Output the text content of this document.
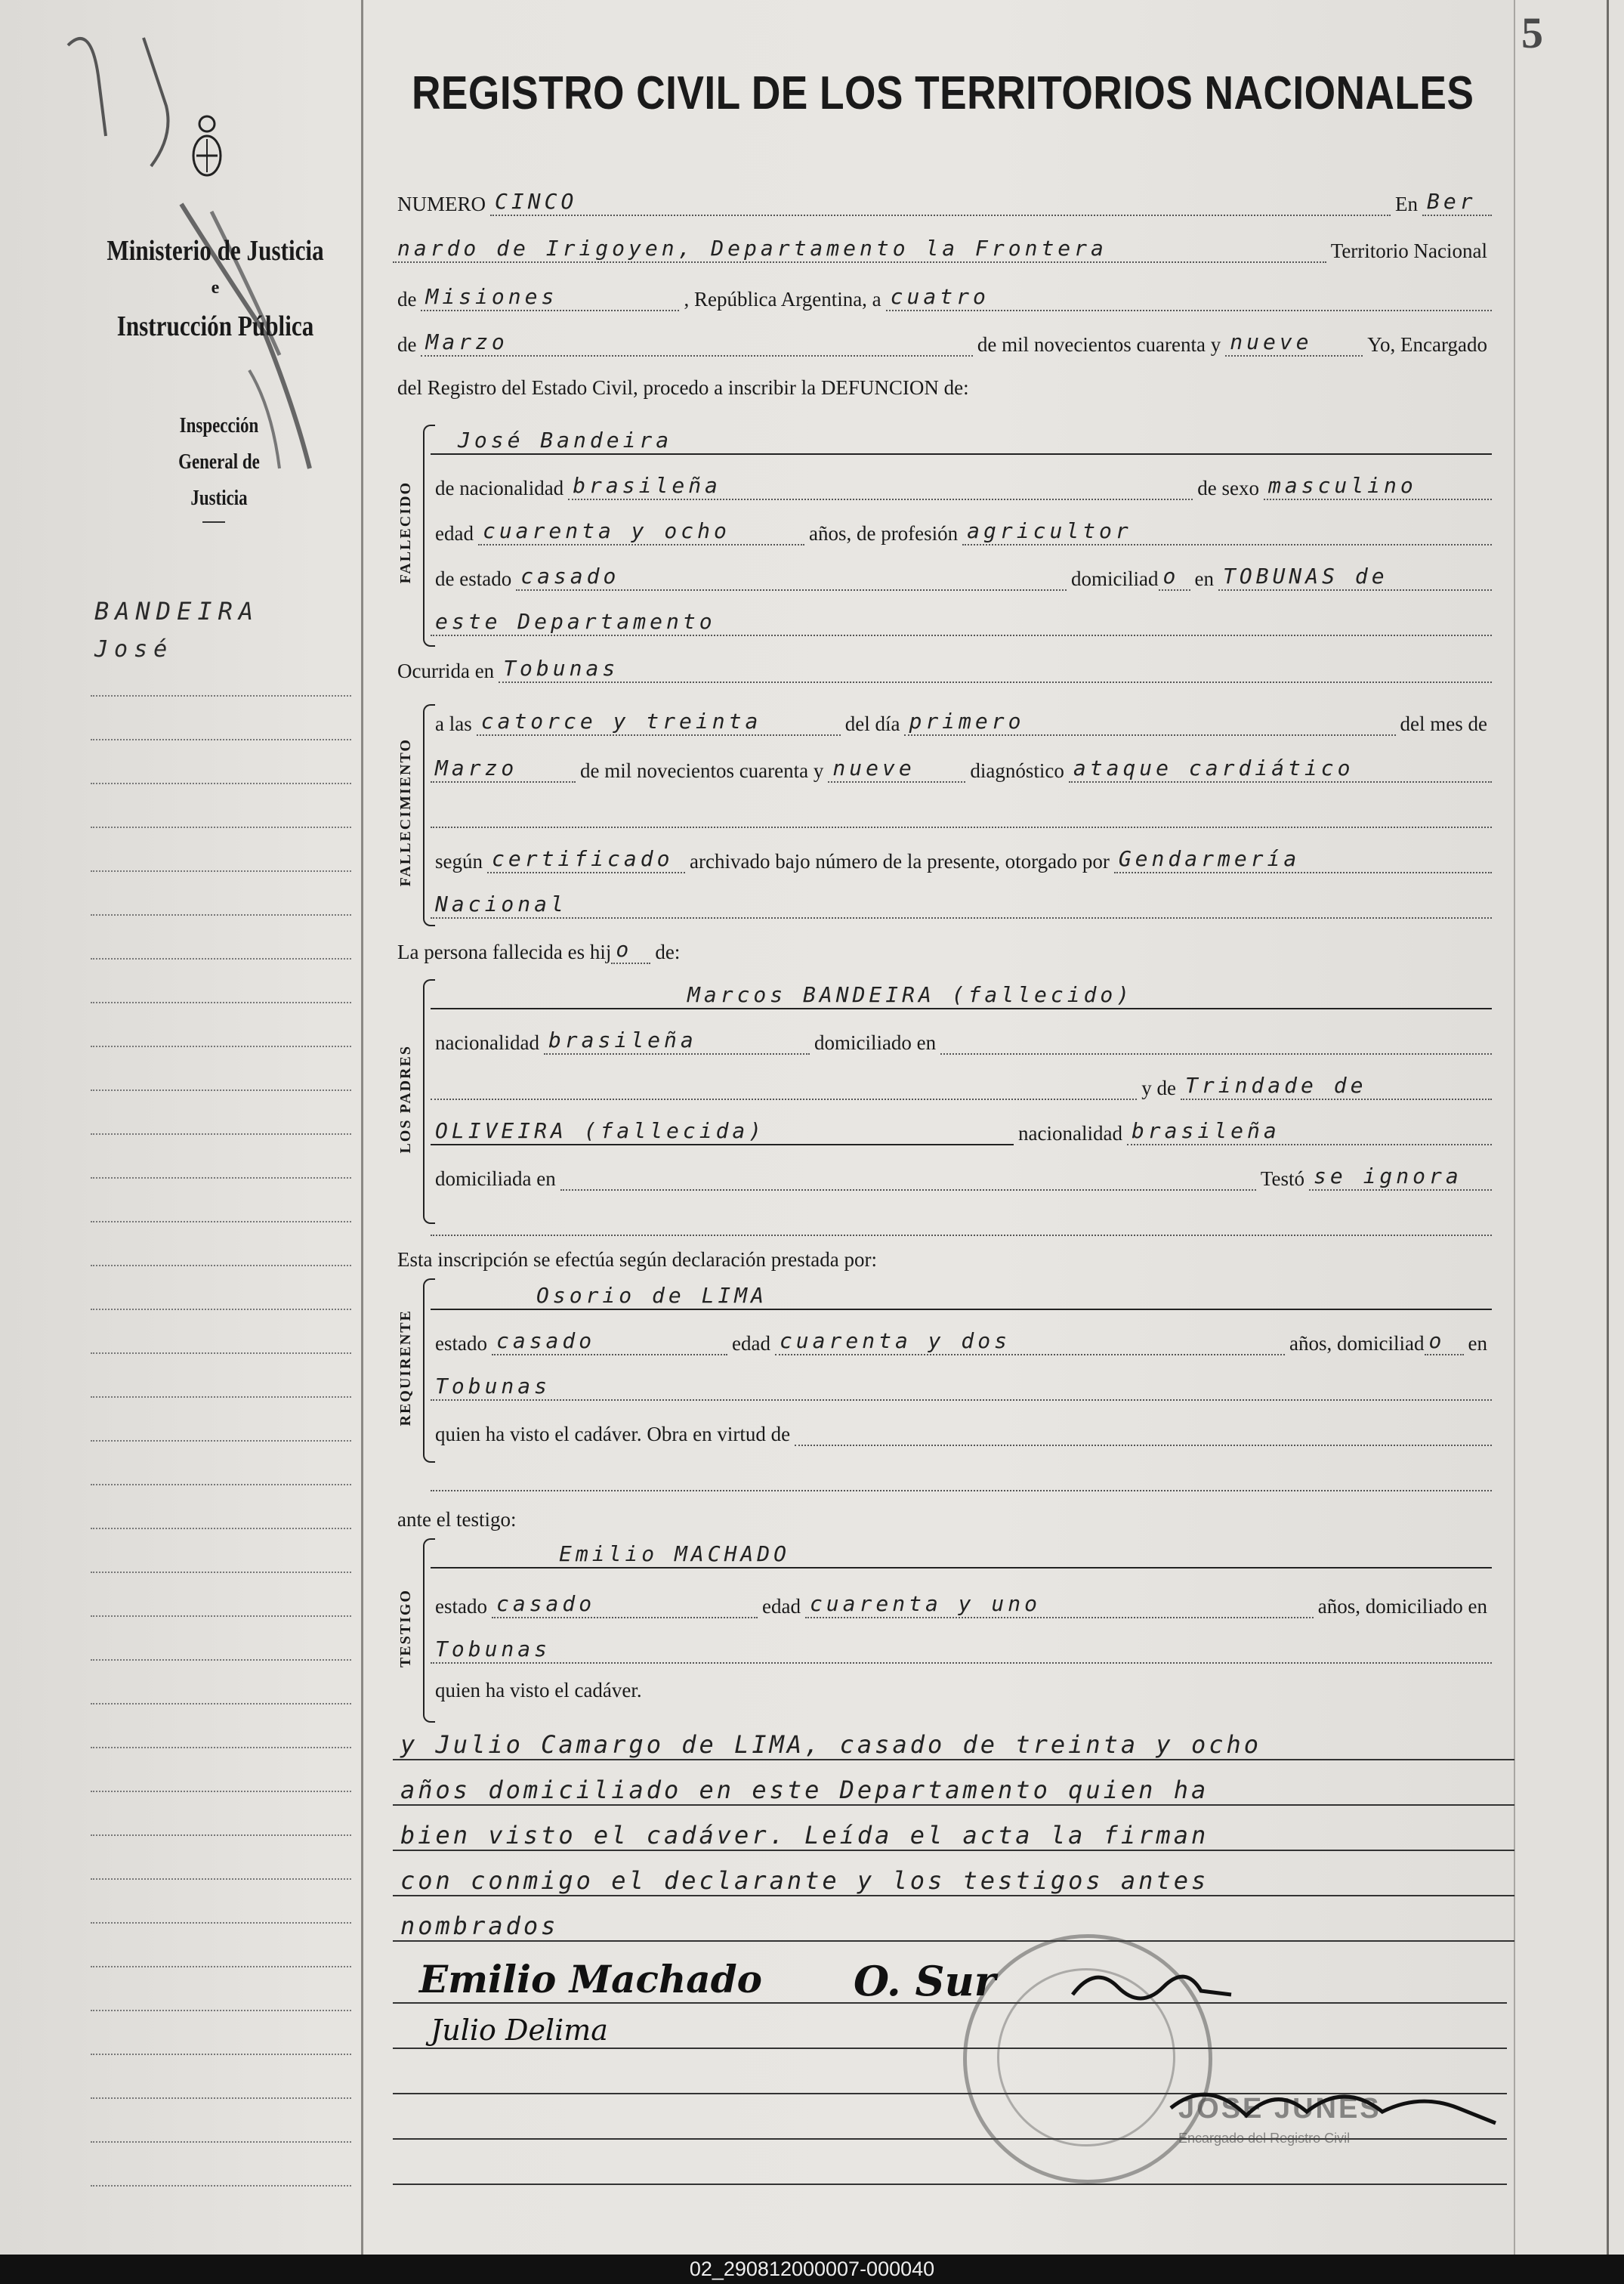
Ministerio de Justicia
e
Instrucción Pública
Inspección General de Justicia
BANDEIRA
José
5
REGISTRO CIVIL DE LOS TERRITORIOS NACIONALES
NUMERO CINCO	En Ber
nardo de Irigoyen, Departamento la Frontera	Territorio Nacional
de Misiones	, República Argentina, a cuatro
de Marzo	de mil novecientos cuarenta y nueve	Yo, Encargado
del Registro del Estado Civil, procedo a inscribir la DEFUNCION de:
FALLECIDO
José Bandeira
de nacionalidad brasileña	de sexo masculino
edad cuarenta y ocho	años, de profesión agricultor
de estado casado	domiciliad o en TOBUNAS de
este Departamento
Ocurrida en Tobunas
FALLECIMIENTO
a las catorce y treinta	del día primero	del mes de
Marzo	de mil novecientos cuarenta y nueve	diagnóstico ataque cardiático

según certificado archivado bajo número de la presente, otorgado por Gendarmería
Nacional
La persona fallecida es hij o	de:
LOS PADRES
Marcos BANDEIRA (fallecido)
nacionalidad brasileña	domiciliado en

y de Trindade de
OLIVEIRA (fallecida)	nacionalidad brasileña
domiciliada en
	Testó se ignora

Esta inscripción se efectúa según declaración prestada por:
REQUIRENTE
Osorio de LIMA
estado casado	edad cuarenta y dos	años, domiciliad o	en
Tobunas
quien ha visto el cadáver. Obra en virtud de

ante el testigo:
TESTIGO
Emilio MACHADO
estado casado	edad cuarenta y uno	años, domiciliado en
Tobunas
quien ha visto el cadáver.
y Julio Camargo de LIMA, casado de treinta y ocho
años domiciliado en este Departamento quien ha
bien visto el cadáver. Leída el acta la firman
con conmigo el declarante y los testigos antes
nombrados
JOSE JUNES
Encargado del Registro Civil
Emilio Machado O. Sur
Julio Delima
02_290812000007-000040
